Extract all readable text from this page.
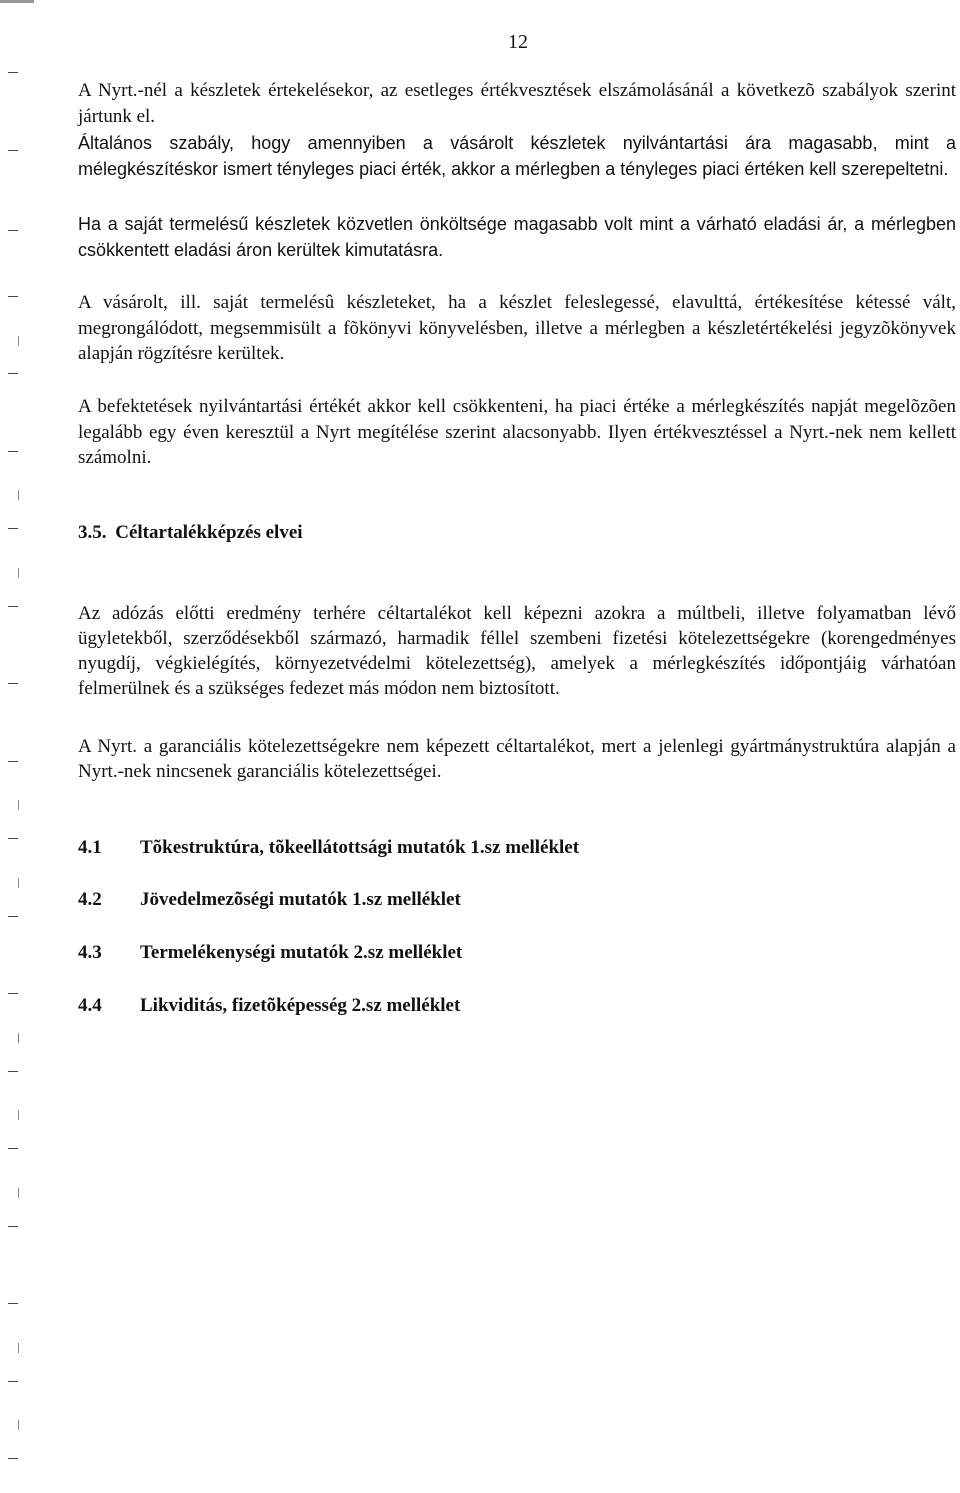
12

A Nyrt.-nél a készletek értekelésekor, az esetleges értékvesztések elszámolásánál a következõ szabályok szerint jártunk el.

Általános szabály, hogy amennyiben a vásárolt készletek nyilvántartási ára magasabb, mint a mélegkészítéskor ismert tényleges piaci érték, akkor a mérlegben a tényleges piaci értéken kell szerepeltetni.

Ha a saját termelésű készletek közvetlen önköltsége magasabb volt mint a várható eladási ár, a mérlegben csökkentett eladási áron kerültek kimutatásra.

A vásárolt, ill. saját termelésû készleteket, ha a készlet feleslegessé, elavulttá, értékesítése kétessé vált, megrongálódott, megsemmisült a fõkönyvi könyvelésben, illetve a mérlegben a készletértékelési jegyzõkönyvek alapján rögzítésre kerültek.

A befektetések nyilvántartási értékét akkor kell csökkenteni, ha piaci értéke a mérlegkészítés napját megelõzõen legalább egy éven keresztül a Nyrt megítélése szerint alacsonyabb. Ilyen értékvesztéssel a Nyrt.-nek nem kellett számolni.

3.5. Céltartalékképzés elvei

Az adózás előtti eredmény terhére céltartalékot kell képezni azokra a múltbeli, illetve folyamatban lévő ügyletekből, szerződésekből származó, harmadik féllel szembeni fizetési kötelezettségekre (korengedményes nyugdíj, végkielégítés, környezetvédelmi kötelezettség), amelyek a mérlegkészítés időpontjáig várhatóan felmerülnek és a szükséges fedezet más módon nem biztosított.

A Nyrt. a garanciális kötelezettségekre nem képezett céltartalékot, mert a jelenlegi gyártmánystruktúra alapján a Nyrt.-nek nincsenek garanciális kötelezettségei.

4.1 Tõkestruktúra, tõkeellátottsági mutatók 1.sz melléklet
4.2 Jövedelmezõségi mutatók 1.sz melléklet
4.3 Termelékenységi mutatók 2.sz melléklet
4.4 Likviditás, fizetõképesség 2.sz melléklet
